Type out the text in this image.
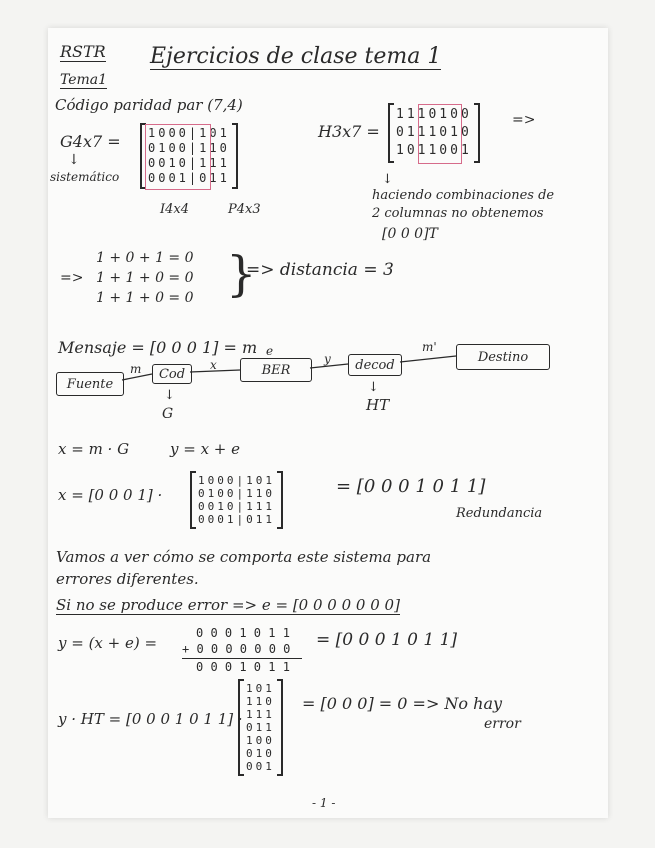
RSTR Ejercicios de clase tema 1
Tema1
Código paridad par (7,4)
G4x7 =
↓
sistemático
1000|101
0100|110
0010|111
0001|011
I4x4	P4x3
H3x7 =
1110100
0111010
1011001
=>
↓
haciendo combinaciones de
2 columnas no obtenemos
[0 0 0]T
=>
1 + 0 + 1 = 0
1 + 1 + 0 = 0
1 + 1 + 0 = 0 }
=> distancia = 3
Mensaje = [0 0 0 1] = m e
Fuente
Cod	BER	decod
Destino
m	x	y
m'
↓
G
↓
HT
x = m · G	y = x + e
x = [0 0 0 1] ·
1000|101
0100|110
0010|111
0001|011
= [0 0 0 1 0 1 1]
Redundancia
Vamos a ver cómo se comporta este sistema para
errores diferentes.
Si no se produce error => e = [0 0 0 0 0 0 0]
y = (x + e) =
0 0 0 1 0 1 1
+ 0 0 0 0 0 0 0
0 0 0 1 0 1 1
= [0 0 0 1 0 1 1]
y · HT = [0 0 0 1 0 1 1] ·
101
110
111
011
100
010
001
= [0 0 0] = 0 => No hay
error
- 1 -
